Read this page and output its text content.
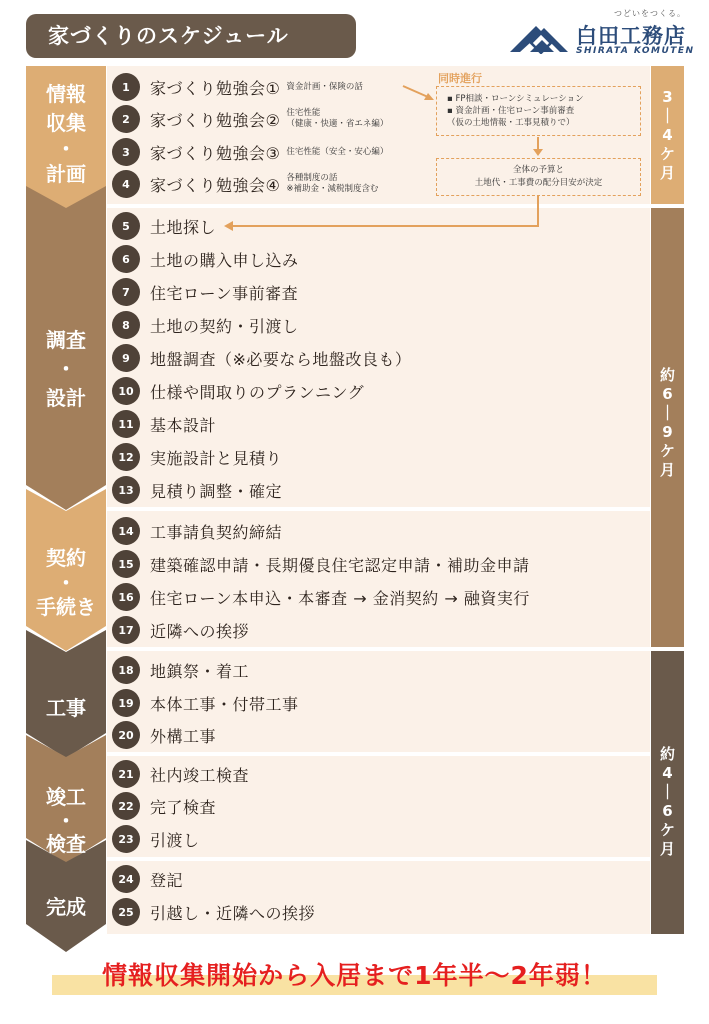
家づくりのスケジュール
つどいをつくる。
白田工務店
SHIRATA KOMUTEN
情報
収集
・
計画
調査
・
設計
契約
・
手続き
工事
竣工
・
検査
完成
3
｜
4
ケ
月
約
6
｜
9
ケ
月
約
4
｜
6
ケ
月
1	家づくり勉強会① 資金計画・保険の話
2	家づくり勉強会② 住宅性能
（健康・快適・省エネ編）
3	家づくり勉強会③ 住宅性能（安全・安心編）
4	家づくり勉強会④ 各種制度の話
※補助金・減税制度含む
5	土地探し
6	土地の購入申し込み
7	住宅ローン事前審査
8	土地の契約・引渡し
9	地盤調査（※必要なら地盤改良も）
10	仕様や間取りのプランニング
11	基本設計
12	実施設計と見積り
13	見積り調整・確定
14	工事請負契約締結
15	建築確認申請・長期優良住宅認定申請・補助金申請
16	住宅ローン本申込・本審査 → 金消契約 → 融資実行
17	近隣への挨拶
18	地鎮祭・着工
19	本体工事・付帯工事
20	外構工事
21	社内竣工検査
22	完了検査
23	引渡し
24	登記
25	引越し・近隣への挨拶
同時進行
▪ FP相談・ローンシミュレーション
▪ 資金計画・住宅ローン事前審査
（仮の土地情報・工事見積りで）
全体の予算と
土地代・工事費の配分目安が決定
情報収集開始から入居まで1年半〜2年弱！
